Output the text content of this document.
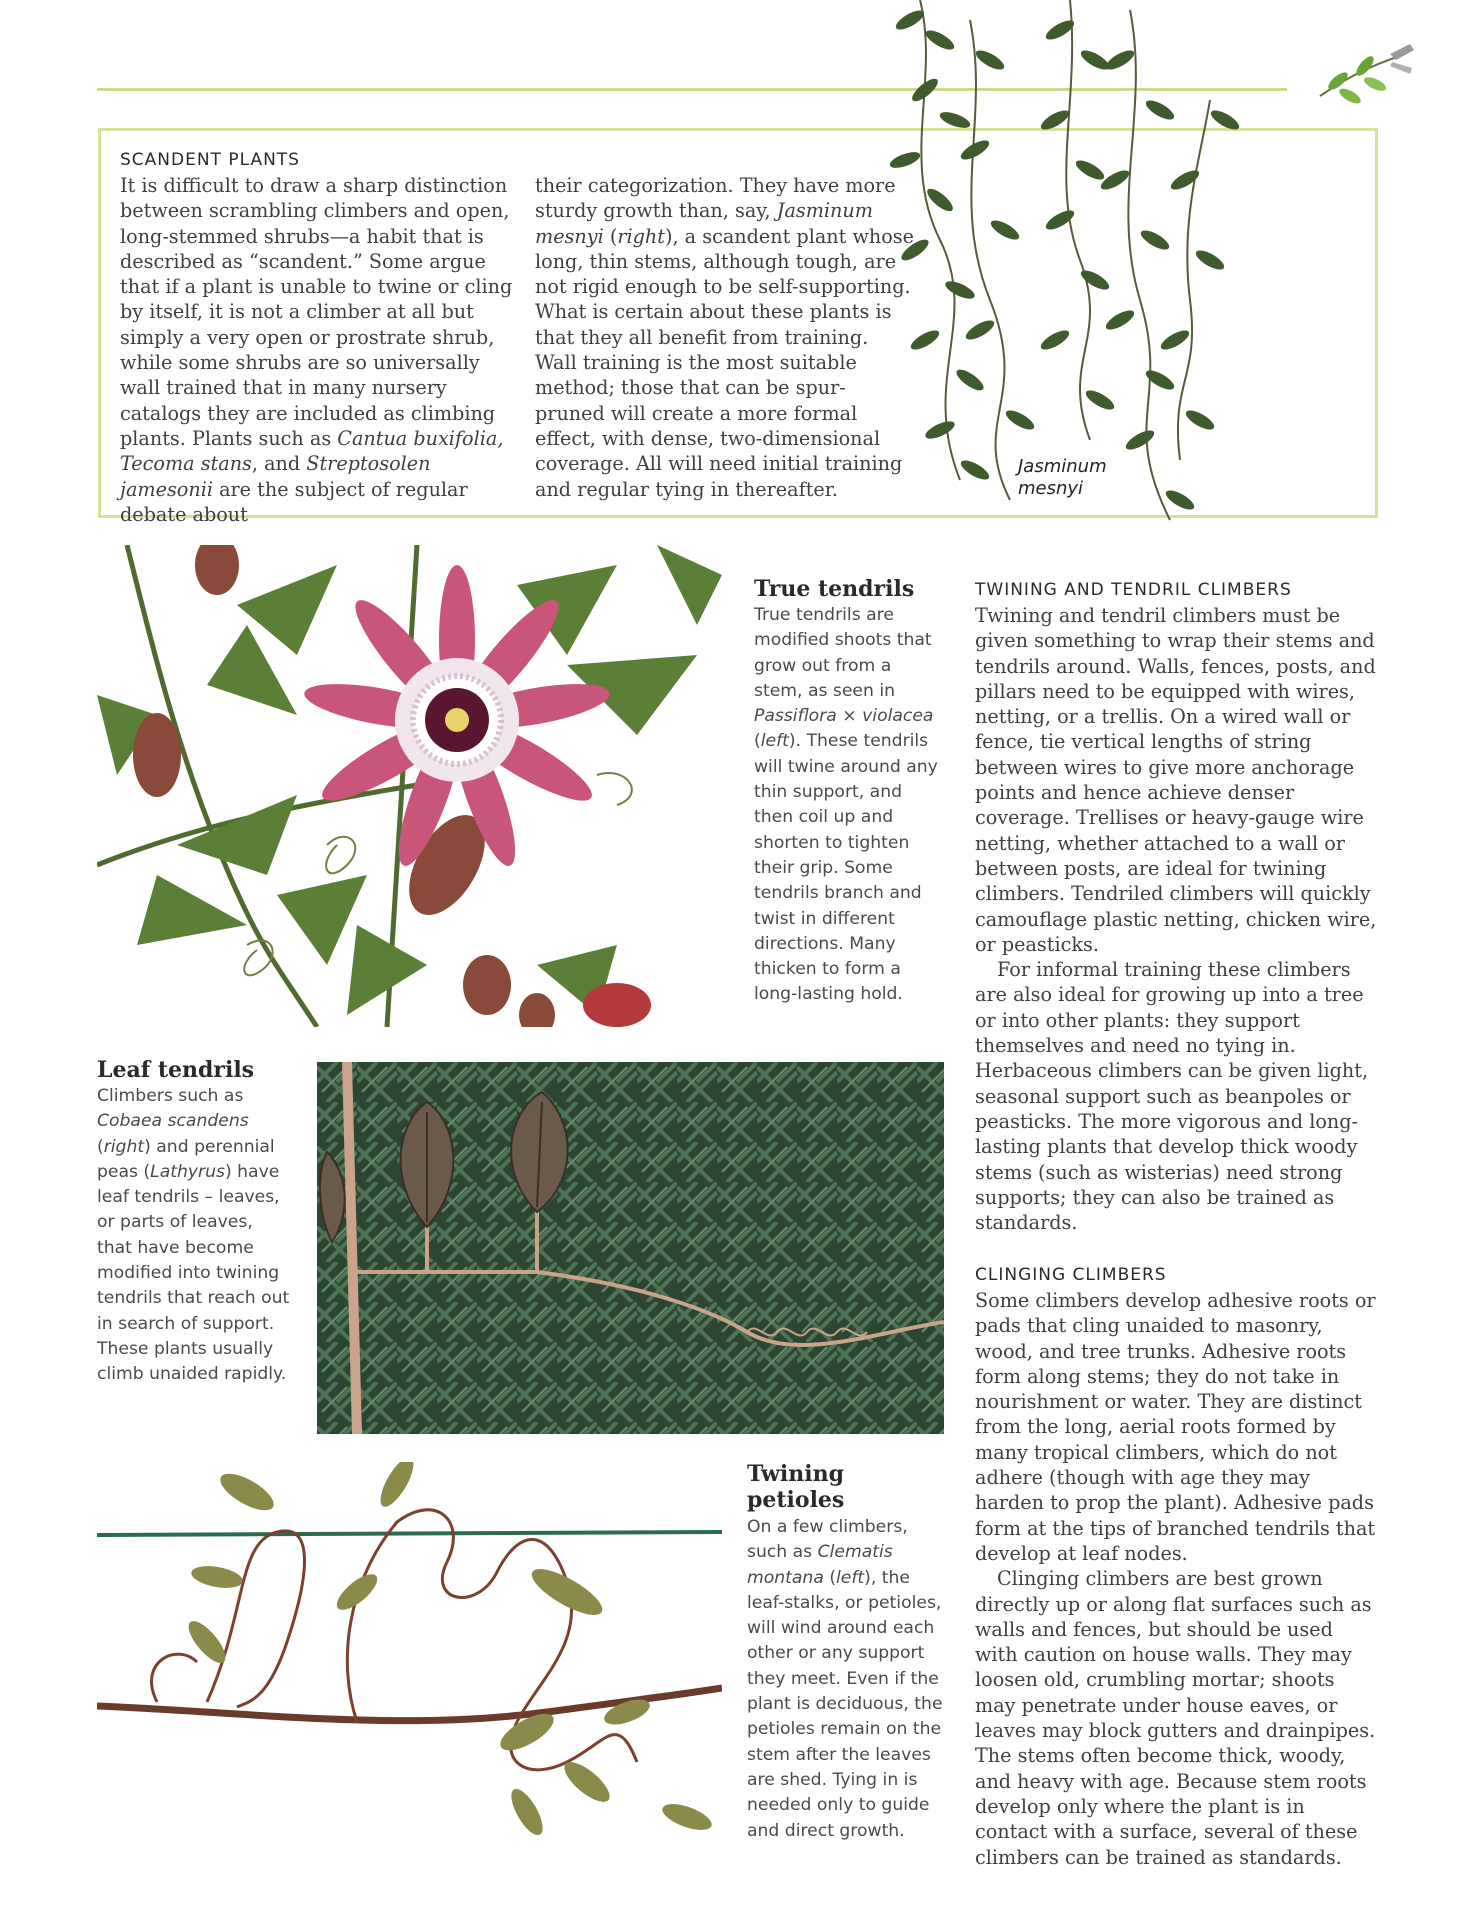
SCANDENT PLANTS
It is difficult to draw a sharp distinction between scrambling climbers and open, long-stemmed shrubs—a habit that is described as “scandent.” Some argue that if a plant is unable to twine or cling by itself, it is not a climber at all but simply a very open or prostrate shrub, while some shrubs are so universally wall trained that in many nursery catalogs they are included as climbing plants. Plants such as Cantua buxifolia, Tecoma stans, and Streptosolen jamesonii are the subject of regular debate about
their categorization. They have more sturdy growth than, say, Jasminum mesnyi (right), a scandent plant whose long, thin stems, although tough, are not rigid enough to be self-supporting. What is certain about these plants is that they all benefit from training. Wall training is the most suitable method; those that can be spur-pruned will create a more formal effect, with dense, two-dimensional coverage. All will need initial training and regular tying in thereafter.
Jasminum
mesnyi
True tendrils
True tendrils are modified shoots that grow out from a stem, as seen in Passiflora × violacea (left). These tendrils will twine around any thin support, and then coil up and shorten to tighten their grip. Some tendrils branch and twist in different directions. Many thicken to form a long-lasting hold.
Leaf tendrils
Climbers such as Cobaea scandens (right) and perennial peas (Lathyrus) have leaf tendrils – leaves, or parts of leaves, that have become modified into twining tendrils that reach out in search of support. These plants usually climb unaided rapidly.
Twining petioles
On a few climbers, such as Clematis montana (left), the leaf-stalks, or petioles, will wind around each other or any support they meet. Even if the plant is deciduous, the petioles remain on the stem after the leaves are shed. Tying in is needed only to guide and direct growth.
TWINING AND TENDRIL CLIMBERS

Twining and tendril climbers must be given something to wrap their stems and tendrils around. Walls, fences, posts, and pillars need to be equipped with wires, netting, or a trellis. On a wired wall or fence, tie vertical lengths of string between wires to give more anchorage points and hence achieve denser coverage. Trellises or heavy-gauge wire netting, whether attached to a wall or between posts, are ideal for twining climbers. Tendriled climbers will quickly camouflage plastic netting, chicken wire, or peasticks.

For informal training these climbers are also ideal for growing up into a tree or into other plants: they support themselves and need no tying in. Herbaceous climbers can be given light, seasonal support such as beanpoles or peasticks. The more vigorous and long-lasting plants that develop thick woody stems (such as wisterias) need strong supports; they can also be trained as standards.

CLINGING CLIMBERS

Some climbers develop adhesive roots or pads that cling unaided to masonry, wood, and tree trunks. Adhesive roots form along stems; they do not take in nourishment or water. They are distinct from the long, aerial roots formed by many tropical climbers, which do not adhere (though with age they may harden to prop the plant). Adhesive pads form at the tips of branched tendrils that develop at leaf nodes.

Clinging climbers are best grown directly up or along flat surfaces such as walls and fences, but should be used with caution on house walls. They may loosen old, crumbling mortar; shoots may penetrate under house eaves, or leaves may block gutters and drainpipes. The stems often become thick, woody, and heavy with age. Because stem roots develop only where the plant is in contact with a surface, several of these climbers can be trained as standards.
